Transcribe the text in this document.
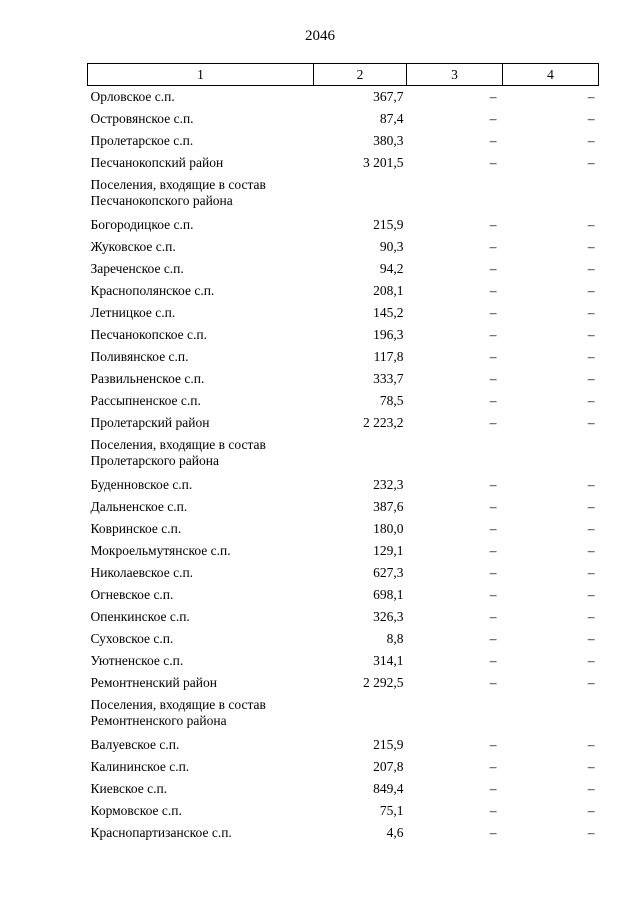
2046
1	2	3	4
Орловское с.п.	367,7	–	–
Островянское с.п.	87,4	–	–
Пролетарское с.п.	380,3	–	–
Песчанокопский район	3 201,5	–	–
Поселения, входящие в состав Песчанокопского района			
Богородицкое с.п.	215,9	–	–
Жуковское с.п.	90,3	–	–
Зареченское с.п.	94,2	–	–
Краснополянское с.п.	208,1	–	–
Летницкое с.п.	145,2	–	–
Песчанокопское с.п.	196,3	–	–
Поливянское с.п.	117,8	–	–
Развильненское с.п.	333,7	–	–
Рассыпненское с.п.	78,5	–	–
Пролетарский район	2 223,2	–	–
Поселения, входящие в состав Пролетарского района			
Буденновское с.п.	232,3	–	–
Дальненское с.п.	387,6	–	–
Ковринское с.п.	180,0	–	–
Мокроельмутянское с.п.	129,1	–	–
Николаевское с.п.	627,3	–	–
Огневское с.п.	698,1	–	–
Опенкинское с.п.	326,3	–	–
Суховское с.п.	8,8	–	–
Уютненское с.п.	314,1	–	–
Ремонтненский район	2 292,5	–	–
Поселения, входящие в состав Ремонтненского района			
Валуевское с.п.	215,9	–	–
Калининское с.п.	207,8	–	–
Киевское с.п.	849,4	–	–
Кормовское с.п.	75,1	–	–
Краснопартизанское с.п.	4,6	–	–
